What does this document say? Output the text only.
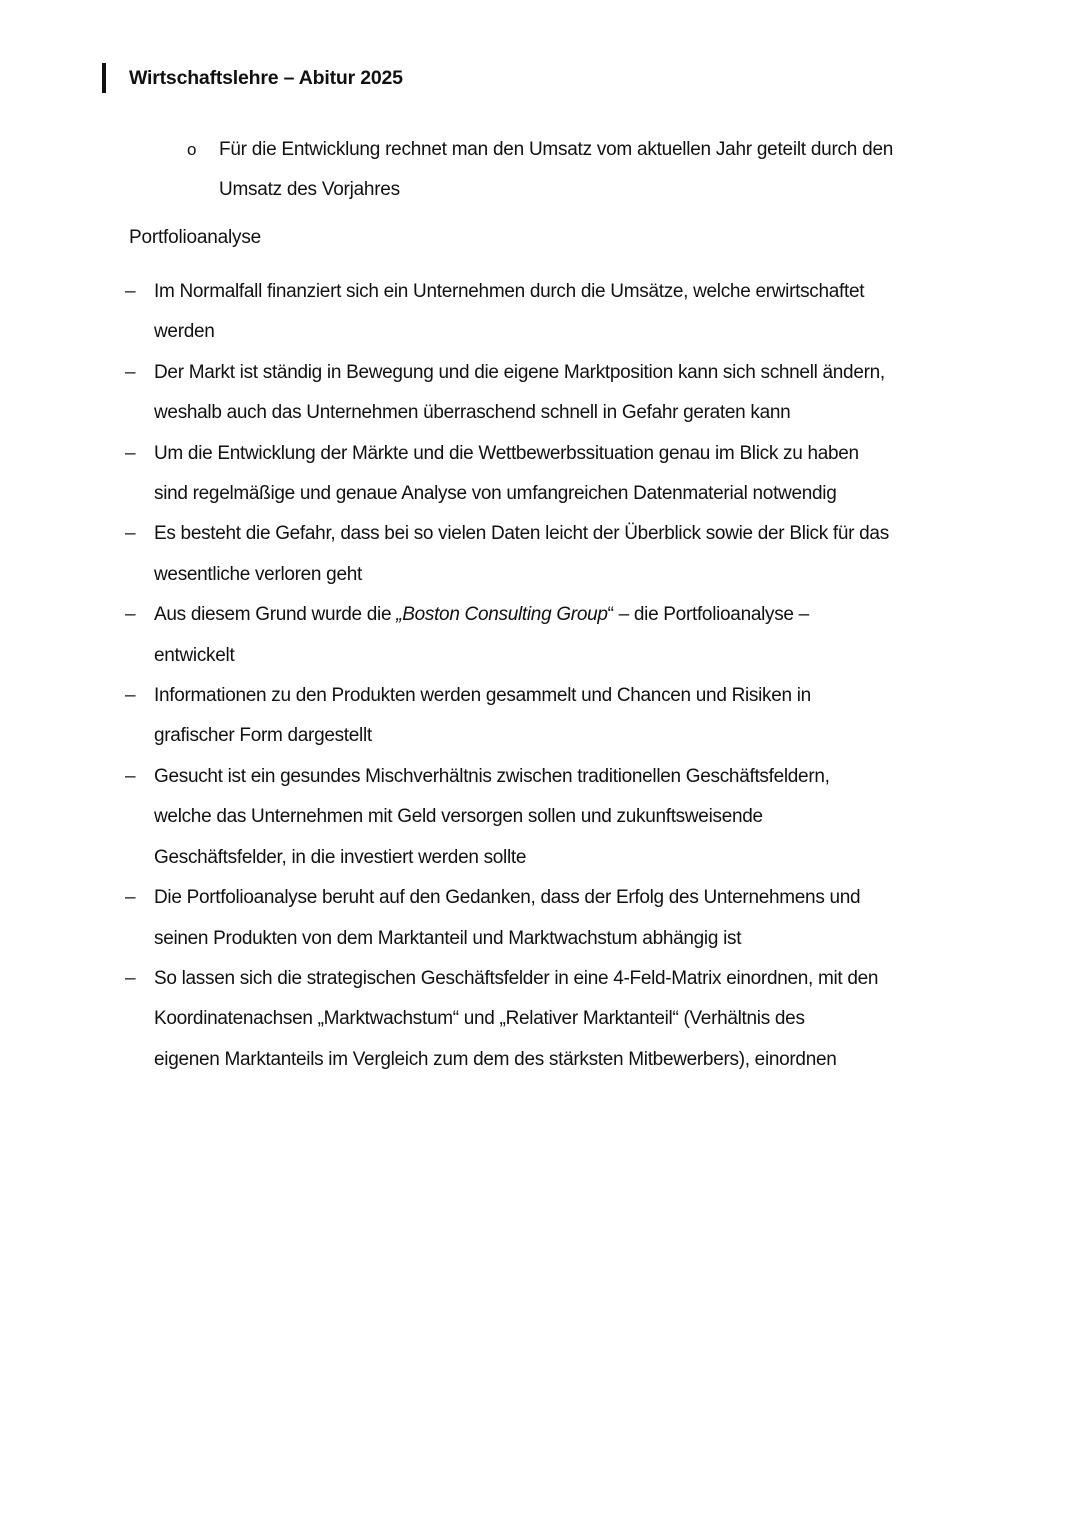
Wirtschaftslehre – Abitur 2025
o Für die Entwicklung rechnet man den Umsatz vom aktuellen Jahr geteilt durch den
Umsatz des Vorjahres
Portfolioanalyse
– Im Normalfall finanziert sich ein Unternehmen durch die Umsätze, welche erwirtschaftet
werden
– Der Markt ist ständig in Bewegung und die eigene Marktposition kann sich schnell ändern,
weshalb auch das Unternehmen überraschend schnell in Gefahr geraten kann
– Um die Entwicklung der Märkte und die Wettbewerbssituation genau im Blick zu haben
sind regelmäßige und genaue Analyse von umfangreichen Datenmaterial notwendig
– Es besteht die Gefahr, dass bei so vielen Daten leicht der Überblick sowie der Blick für das
wesentliche verloren geht
– Aus diesem Grund wurde die „Boston Consulting Group“ – die Portfolioanalyse –
entwickelt
– Informationen zu den Produkten werden gesammelt und Chancen und Risiken in
grafischer Form dargestellt
– Gesucht ist ein gesundes Mischverhältnis zwischen traditionellen Geschäftsfeldern,
welche das Unternehmen mit Geld versorgen sollen und zukunftsweisende
Geschäftsfelder, in die investiert werden sollte
– Die Portfolioanalyse beruht auf den Gedanken, dass der Erfolg des Unternehmens und
seinen Produkten von dem Marktanteil und Marktwachstum abhängig ist
– So lassen sich die strategischen Geschäftsfelder in eine 4-Feld-Matrix einordnen, mit den
Koordinatenachsen „Marktwachstum“ und „Relativer Marktanteil“ (Verhältnis des
eigenen Marktanteils im Vergleich zum dem des stärksten Mitbewerbers), einordnen
